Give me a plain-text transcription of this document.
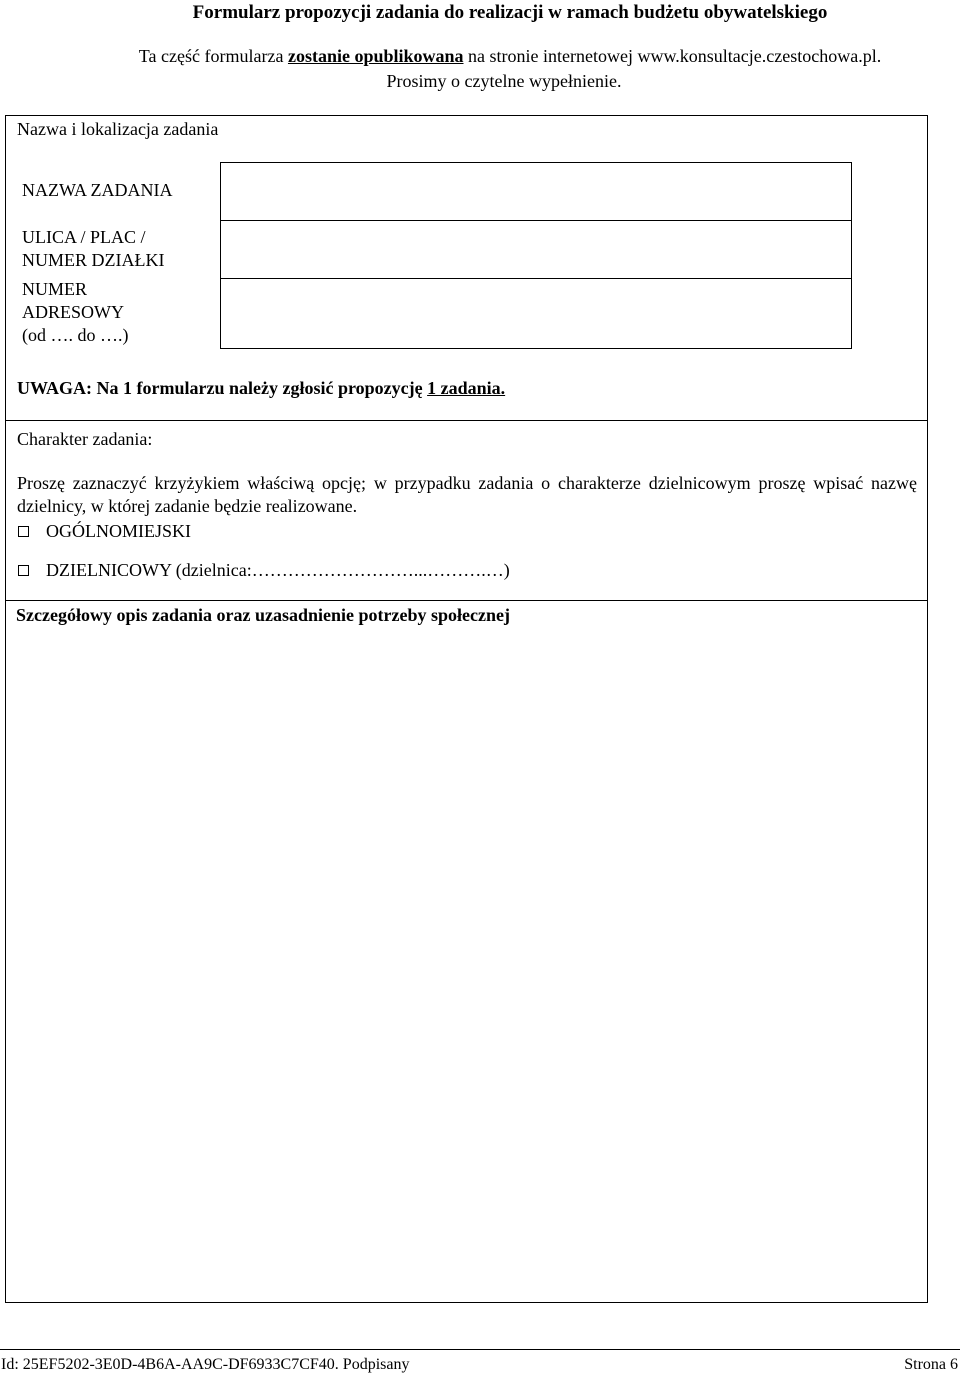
Formularz propozycji zadania do realizacji w ramach budżetu obywatelskiego
Ta część formularza zostanie opublikowana na stronie internetowej www.konsultacje.czestochowa.pl.
Prosimy o czytelne wypełnienie.
Nazwa i lokalizacja zadania
NAZWA ZADANIA
ULICA / PLAC /
NUMER DZIAŁKI
NUMER
ADRESOWY
(od …. do ….)
UWAGA: Na 1 formularzu należy zgłosić propozycję 1 zadania.
Charakter zadania:
Proszę zaznaczyć krzyżykiem właściwą opcję; w przypadku zadania o charakterze dzielnicowym proszę wpisać nazwę dzielnicy, w której zadanie będzie realizowane.
OGÓLNOMIEJSKI
DZIELNICOWY (dzielnica:………………………...……….…)
Szczegółowy opis zadania oraz uzasadnienie potrzeby społecznej
Id: 25EF5202-3E0D-4B6A-AA9C-DF6933C7CF40. Podpisany	Strona 6
